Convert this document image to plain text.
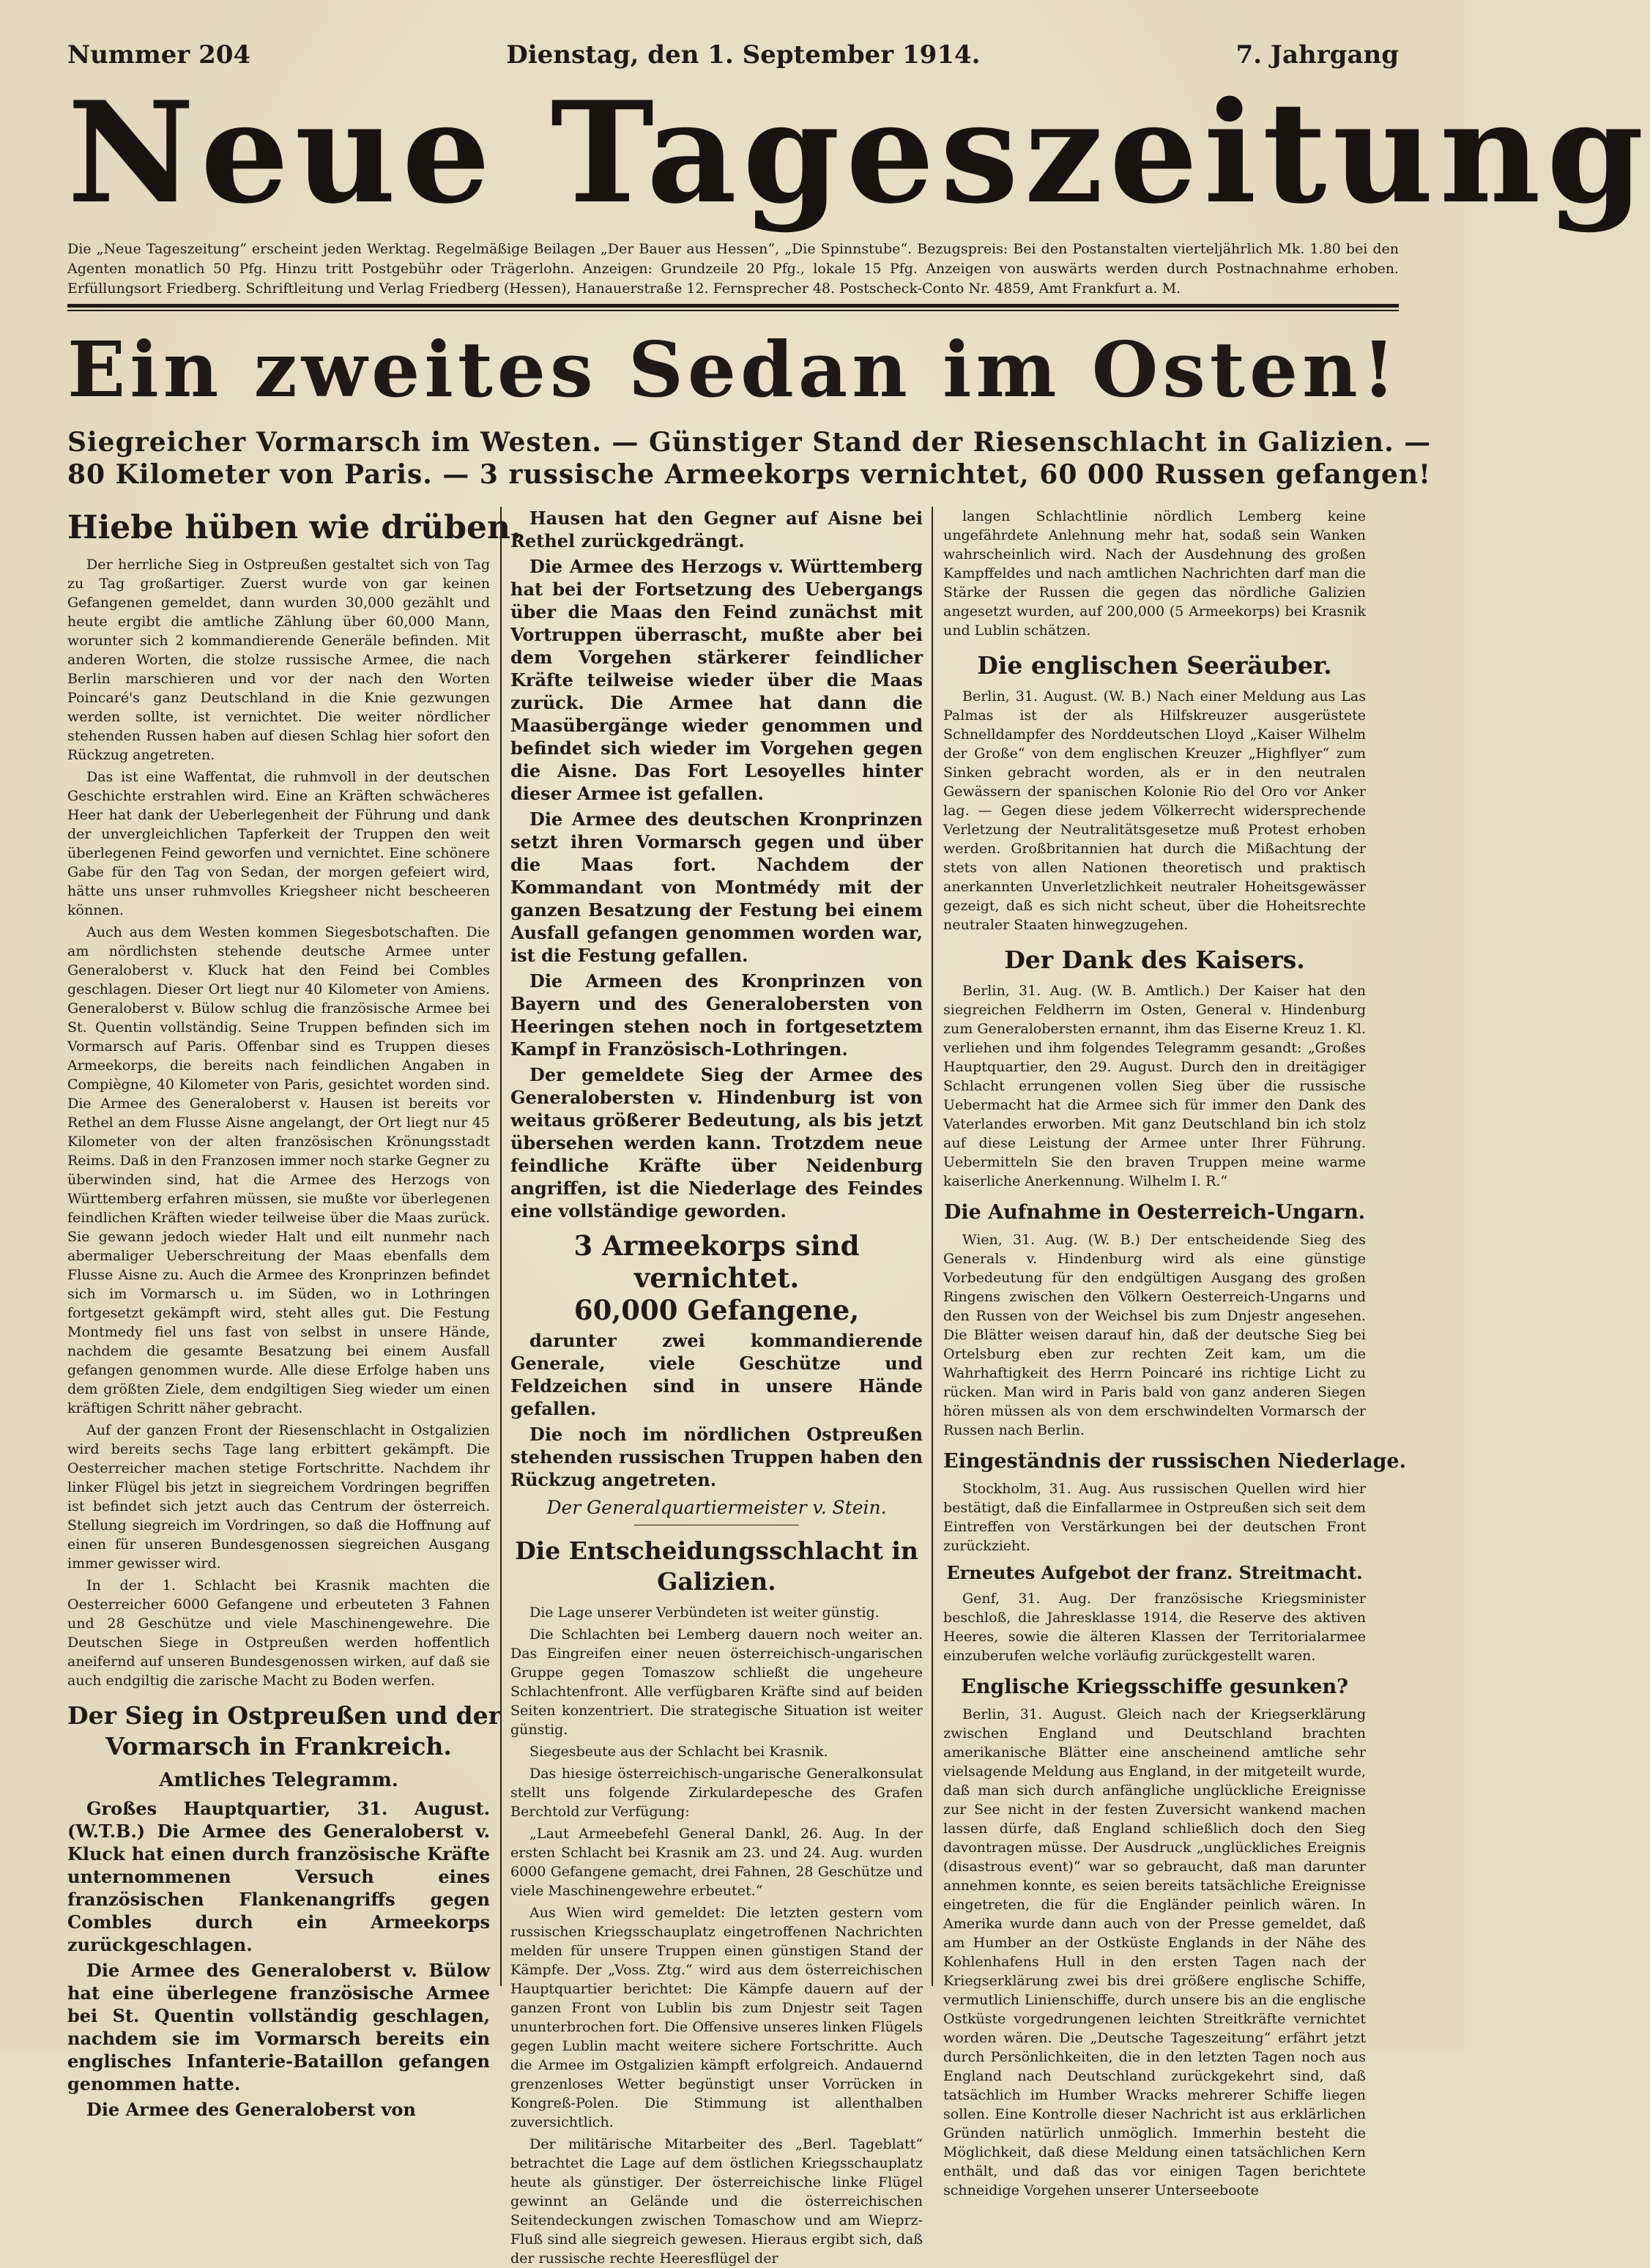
Nummer 204	Dienstag, den 1. September 1914.	7. Jahrgang
Neue Tageszeitung
Die „Neue Tageszeitung“ erscheint jeden Werktag. Regelmäßige Beilagen „Der Bauer aus Hessen“, „Die Spinnstube“. Bezugspreis: Bei den Postanstalten vierteljährlich Mk. 1.80 bei den Agenten monatlich 50 Pfg. Hinzu tritt Postgebühr oder Trägerlohn. Anzeigen: Grundzeile 20 Pfg., lokale 15 Pfg. Anzeigen von auswärts werden durch Postnachnahme erhoben. Erfüllungsort Friedberg. Schriftleitung und Verlag Friedberg (Hessen), Hanauerstraße 12. Fernsprecher 48. Postscheck-Conto Nr. 4859, Amt Frankfurt a. M.
Ein zweites Sedan im Osten!
Siegreicher Vormarsch im Westen. — Günstiger Stand der Riesenschlacht in Galizien. —
80 Kilometer von Paris. — 3 russische Armeekorps vernichtet, 60 000 Russen gefangen!
Hiebe hüben wie drüben.

Der herrliche Sieg in Ostpreußen gestaltet sich von Tag zu Tag großartiger. Zuerst wurde von gar keinen Gefangenen gemeldet, dann wurden 30,000 gezählt und heute ergibt die amtliche Zählung über 60,000 Mann, worunter sich 2 kommandierende Generäle befinden. Mit anderen Worten, die stolze russische Armee, die nach Berlin marschieren und vor der nach den Worten Poincaré's ganz Deutschland in die Knie gezwungen werden sollte, ist vernichtet. Die weiter nördlicher stehenden Russen haben auf diesen Schlag hier sofort den Rückzug angetreten.

Das ist eine Waffentat, die ruhmvoll in der deutschen Geschichte erstrahlen wird. Eine an Kräften schwächeres Heer hat dank der Ueberlegenheit der Führung und dank der unvergleichlichen Tapferkeit der Truppen den weit überlegenen Feind geworfen und vernichtet. Eine schönere Gabe für den Tag von Sedan, der morgen gefeiert wird, hätte uns unser ruhmvolles Kriegsheer nicht bescheeren können.

Auch aus dem Westen kommen Siegesbotschaften. Die am nördlichsten stehende deutsche Armee unter Generaloberst v. Kluck hat den Feind bei Combles geschlagen. Dieser Ort liegt nur 40 Kilometer von Amiens. Generaloberst v. Bülow schlug die französische Armee bei St. Quentin vollständig. Seine Truppen befinden sich im Vormarsch auf Paris. Offenbar sind es Truppen dieses Armeekorps, die bereits nach feindlichen Angaben in Compiègne, 40 Kilometer von Paris, gesichtet worden sind. Die Armee des Generaloberst v. Hausen ist bereits vor Rethel an dem Flusse Aisne angelangt, der Ort liegt nur 45 Kilometer von der alten französischen Krönungsstadt Reims. Daß in den Franzosen immer noch starke Gegner zu überwinden sind, hat die Armee des Herzogs von Württemberg erfahren müssen, sie mußte vor überlegenen feindlichen Kräften wieder teilweise über die Maas zurück. Sie gewann jedoch wieder Halt und eilt nunmehr nach abermaliger Ueberschreitung der Maas ebenfalls dem Flusse Aisne zu. Auch die Armee des Kronprinzen befindet sich im Vormarsch u. im Süden, wo in Lothringen fortgesetzt gekämpft wird, steht alles gut. Die Festung Montmedy fiel uns fast von selbst in unsere Hände, nachdem die gesamte Besatzung bei einem Ausfall gefangen genommen wurde. Alle diese Erfolge haben uns dem größten Ziele, dem endgiltigen Sieg wieder um einen kräftigen Schritt näher gebracht.

Auf der ganzen Front der Riesenschlacht in Ostgalizien wird bereits sechs Tage lang erbittert gekämpft. Die Oesterreicher machen stetige Fortschritte. Nachdem ihr linker Flügel bis jetzt in siegreichem Vordringen begriffen ist befindet sich jetzt auch das Centrum der österreich. Stellung siegreich im Vordringen, so daß die Hoffnung auf einen für unseren Bundesgenossen siegreichen Ausgang immer gewisser wird.

In der 1. Schlacht bei Krasnik machten die Oesterreicher 6000 Gefangene und erbeuteten 3 Fahnen und 28 Geschütze und viele Maschinengewehre. Die Deutschen Siege in Ostpreußen werden hoffentlich aneifernd auf unseren Bundesgenossen wirken, auf daß sie auch endgiltig die zarische Macht zu Boden werfen.

Der Sieg in Ostpreußen und der
Vormarsch in Frankreich.
Amtliches Telegramm.

Großes Hauptquartier, 31. August. (W.T.B.) Die Armee des Generaloberst v. Kluck hat einen durch französische Kräfte unternommenen Versuch eines französischen Flankenangriffs gegen Combles durch ein Armeekorps zurückgeschlagen.

Die Armee des Generaloberst v. Bülow hat eine überlegene französische Armee bei St. Quentin vollständig geschlagen, nachdem sie im Vormarsch bereits ein englisches Infanterie-Bataillon gefangen genommen hatte.

Die Armee des Generaloberst von

Hausen hat den Gegner auf Aisne bei Rethel zurückgedrängt.

Die Armee des Herzogs v. Württemberg hat bei der Fortsetzung des Uebergangs über die Maas den Feind zunächst mit Vortruppen überrascht, mußte aber bei dem Vorgehen stärkerer feindlicher Kräfte teilweise wieder über die Maas zurück. Die Armee hat dann die Maasübergänge wieder genommen und befindet sich wieder im Vorgehen gegen die Aisne. Das Fort Lesoyelles hinter dieser Armee ist gefallen.

Die Armee des deutschen Kronprinzen setzt ihren Vormarsch gegen und über die Maas fort. Nachdem der Kommandant von Montmédy mit der ganzen Besatzung der Festung bei einem Ausfall gefangen genommen worden war, ist die Festung gefallen.

Die Armeen des Kronprinzen von Bayern und des Generalobersten von Heeringen stehen noch in fortgesetztem Kampf in Französisch-Lothringen.

Der gemeldete Sieg der Armee des Generalobersten v. Hindenburg ist von weitaus größerer Bedeutung, als bis jetzt übersehen werden kann. Trotzdem neue feindliche Kräfte über Neidenburg angriffen, ist die Niederlage des Feindes eine vollständige geworden.

3 Armeekorps sind vernichtet.
60,000 Gefangene,

darunter zwei kommandierende Generale, viele Geschütze und Feldzeichen sind in unsere Hände gefallen.

Die noch im nördlichen Ostpreußen stehenden russischen Truppen haben den Rückzug angetreten.

Der Generalquartiermeister v. Stein.
Die Entscheidungsschlacht in
Galizien.

Die Lage unserer Verbündeten ist weiter günstig.

Die Schlachten bei Lemberg dauern noch weiter an. Das Eingreifen einer neuen österreichisch-ungarischen Gruppe gegen Tomaszow schließt die ungeheure Schlachtenfront. Alle verfügbaren Kräfte sind auf beiden Seiten konzentriert. Die strategische Situation ist weiter günstig.

Siegesbeute aus der Schlacht bei Krasnik.

Das hiesige österreichisch-ungarische Generalkonsulat stellt uns folgende Zirkulardepesche des Grafen Berchtold zur Verfügung:

„Laut Armeebefehl General Dankl, 26. Aug. In der ersten Schlacht bei Krasnik am 23. und 24. Aug. wurden 6000 Gefangene gemacht, drei Fahnen, 28 Geschütze und viele Maschinengewehre erbeutet.“

Aus Wien wird gemeldet: Die letzten gestern vom russischen Kriegsschauplatz eingetroffenen Nachrichten melden für unsere Truppen einen günstigen Stand der Kämpfe. Der „Voss. Ztg.“ wird aus dem österreichischen Hauptquartier berichtet: Die Kämpfe dauern auf der ganzen Front von Lublin bis zum Dnjestr seit Tagen ununterbrochen fort. Die Offensive unseres linken Flügels gegen Lublin macht weitere sichere Fortschritte. Auch die Armee im Ostgalizien kämpft erfolgreich. Andauernd grenzenloses Wetter begünstigt unser Vorrücken in Kongreß-Polen. Die Stimmung ist allenthalben zuversichtlich.

Der militärische Mitarbeiter des „Berl. Tageblatt“ betrachtet die Lage auf dem östlichen Kriegsschauplatz heute als günstiger. Der österreichische linke Flügel gewinnt an Gelände und die österreichischen Seitendeckungen zwischen Tomaschow und am Wieprz-Fluß sind alle siegreich gewesen. Hieraus ergibt sich, daß der russische rechte Heeresflügel der

langen Schlachtlinie nördlich Lemberg keine ungefährdete Anlehnung mehr hat, sodaß sein Wanken wahrscheinlich wird. Nach der Ausdehnung des großen Kampffeldes und nach amtlichen Nachrichten darf man die Stärke der Russen die gegen das nördliche Galizien angesetzt wurden, auf 200,000 (5 Armeekorps) bei Krasnik und Lublin schätzen.

Die englischen Seeräuber.

Berlin, 31. August. (W. B.) Nach einer Meldung aus Las Palmas ist der als Hilfskreuzer ausgerüstete Schnelldampfer des Norddeutschen Lloyd „Kaiser Wilhelm der Große“ von dem englischen Kreuzer „Highflyer“ zum Sinken gebracht worden, als er in den neutralen Gewässern der spanischen Kolonie Rio del Oro vor Anker lag. — Gegen diese jedem Völkerrecht widersprechende Verletzung der Neutralitätsgesetze muß Protest erhoben werden. Großbritannien hat durch die Mißachtung der stets von allen Nationen theoretisch und praktisch anerkannten Unverletzlichkeit neutraler Hoheitsgewässer gezeigt, daß es sich nicht scheut, über die Hoheitsrechte neutraler Staaten hinwegzugehen.

Der Dank des Kaisers.

Berlin, 31. Aug. (W. B. Amtlich.) Der Kaiser hat den siegreichen Feldherrn im Osten, General v. Hindenburg zum Generalobersten ernannt, ihm das Eiserne Kreuz 1. Kl. verliehen und ihm folgendes Telegramm gesandt: „Großes Hauptquartier, den 29. August. Durch den in dreitägiger Schlacht errungenen vollen Sieg über die russische Uebermacht hat die Armee sich für immer den Dank des Vaterlandes erworben. Mit ganz Deutschland bin ich stolz auf diese Leistung der Armee unter Ihrer Führung. Uebermitteln Sie den braven Truppen meine warme kaiserliche Anerkennung. Wilhelm I. R.“

Die Aufnahme in Oesterreich-Ungarn.

Wien, 31. Aug. (W. B.) Der entscheidende Sieg des Generals v. Hindenburg wird als eine günstige Vorbedeutung für den endgültigen Ausgang des großen Ringens zwischen den Völkern Oesterreich-Ungarns und den Russen von der Weichsel bis zum Dnjestr angesehen. Die Blätter weisen darauf hin, daß der deutsche Sieg bei Ortelsburg eben zur rechten Zeit kam, um die Wahrhaftigkeit des Herrn Poincaré ins richtige Licht zu rücken. Man wird in Paris bald von ganz anderen Siegen hören müssen als von dem erschwindelten Vormarsch der Russen nach Berlin.

Eingeständnis der russischen Niederlage.

Stockholm, 31. Aug. Aus russischen Quellen wird hier bestätigt, daß die Einfallarmee in Ostpreußen sich seit dem Eintreffen von Verstärkungen bei der deutschen Front zurückzieht.

Erneutes Aufgebot der franz. Streitmacht.

Genf, 31. Aug. Der französische Kriegsminister beschloß, die Jahresklasse 1914, die Reserve des aktiven Heeres, sowie die älteren Klassen der Territorialarmee einzuberufen welche vorläufig zurückgestellt waren.

Englische Kriegsschiffe gesunken?

Berlin, 31. August. Gleich nach der Kriegserklärung zwischen England und Deutschland brachten amerikanische Blätter eine anscheinend amtliche sehr vielsagende Meldung aus England, in der mitgeteilt wurde, daß man sich durch anfängliche unglückliche Ereignisse zur See nicht in der festen Zuversicht wankend machen lassen dürfe, daß England schließlich doch den Sieg davontragen müsse. Der Ausdruck „unglückliches Ereignis (disastrous event)“ war so gebraucht, daß man darunter annehmen konnte, es seien bereits tatsächliche Ereignisse eingetreten, die für die Engländer peinlich wären. In Amerika wurde dann auch von der Presse gemeldet, daß am Humber an der Ostküste Englands in der Nähe des Kohlenhafens Hull in den ersten Tagen nach der Kriegserklärung zwei bis drei größere englische Schiffe, vermutlich Linienschiffe, durch unsere bis an die englische Ostküste vorgedrungenen leichten Streitkräfte vernichtet worden wären. Die „Deutsche Tageszeitung“ erfährt jetzt durch Persönlichkeiten, die in den letzten Tagen noch aus England nach Deutschland zurückgekehrt sind, daß tatsächlich im Humber Wracks mehrerer Schiffe liegen sollen. Eine Kontrolle dieser Nachricht ist aus erklärlichen Gründen natürlich unmöglich. Immerhin besteht die Möglichkeit, daß diese Meldung einen tatsächlichen Kern enthält, und daß das vor einigen Tagen berichtete schneidige Vorgehen unserer Unterseeboote
